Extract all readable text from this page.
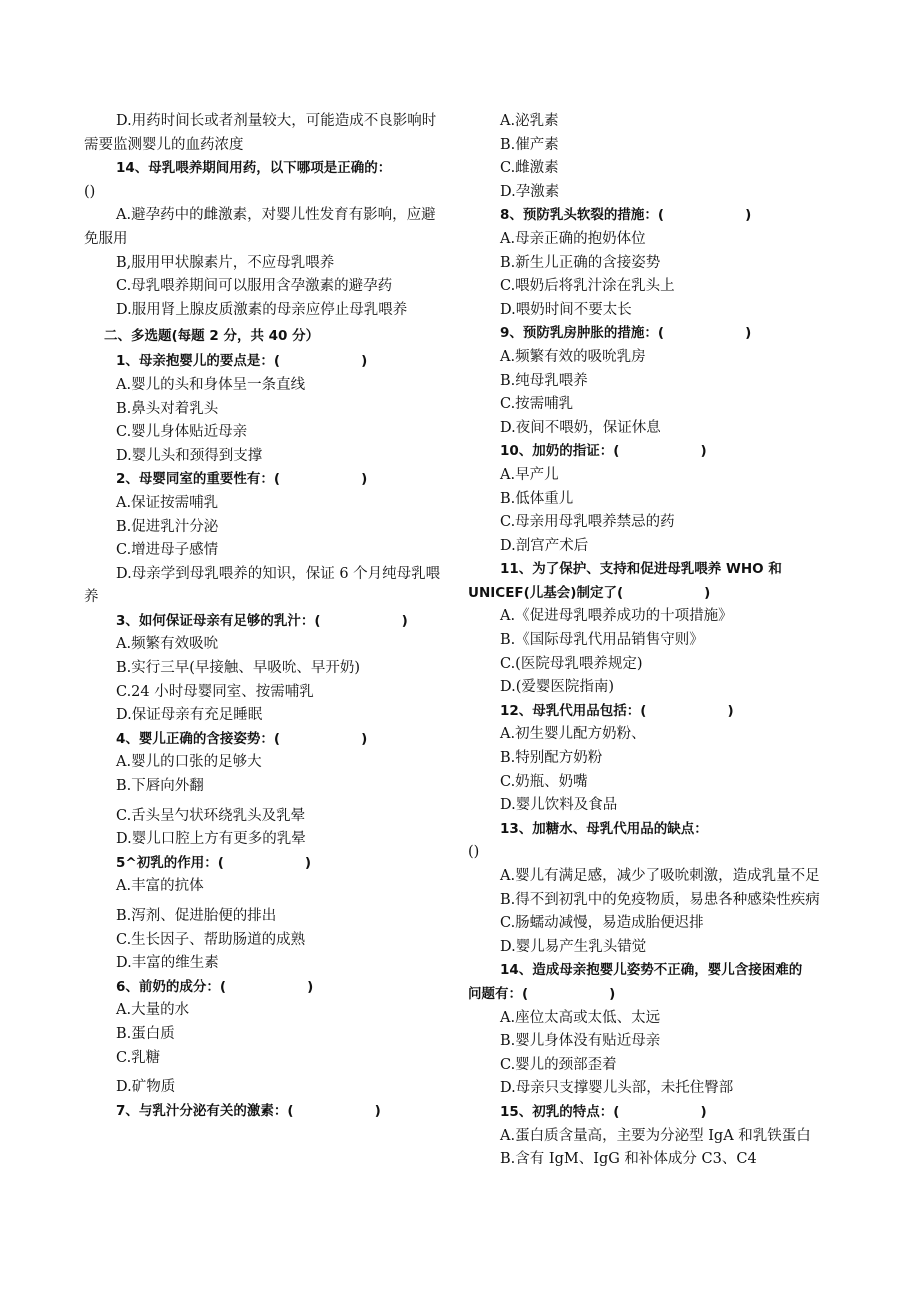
D.用药时间长或者剂量较大，可能造成不良影响时
需要监测婴儿的血药浓度
14、母乳喂养期间用药，以下哪项是正确的：
()
A.避孕药中的雌激素，对婴儿性发育有影响，应避
免服用
B,服用甲状腺素片，不应母乳喂养
C.母乳喂养期间可以服用含孕激素的避孕药
D.服用肾上腺皮质激素的母亲应停止母乳喂养
二、多选题(每题 2 分，共 40 分）
1、母亲抱婴儿的要点是：(　　　　　　)
A.婴儿的头和身体呈一条直线
B.鼻头对着乳头
C.婴儿身体贴近母亲
D.婴儿头和颈得到支撑
2、母婴同室的重要性有：(　　　　　　)
A.保证按需哺乳
B.促进乳汁分泌
C.增进母子感情
D.母亲学到母乳喂养的知识，保证 6 个月纯母乳喂
养
3、如何保证母亲有足够的乳汁：(　　　　　　)
A.频繁有效吸吮
B.实行三早(早接触、早吸吮、早开奶)
C.24 小时母婴同室、按需哺乳
D.保证母亲有充足睡眠
4、婴儿正确的含接姿势：(　　　　　　)
A.婴儿的口张的足够大
B.下唇向外翻
C.舌头呈勺状环绕乳头及乳晕
D.婴儿口腔上方有更多的乳晕
5^初乳的作用：(　　　　　　)
A.丰富的抗体
B.泻剂、促进胎便的排出
C.生长因子、帮助肠道的成熟
D.丰富的维生素
6、前奶的成分：(　　　　　　)
A.大量的水
B.蛋白质
C.乳糖
D.矿物质
7、与乳汁分泌有关的激素：(　　　　　　)
A.泌乳素
B.催产素
C.雌激素
D.孕激素
8、预防乳头软裂的措施：(　　　　　　)
A.母亲正确的抱奶体位
B.新生儿正确的含接姿势
C.喂奶后将乳汁涂在乳头上
D.喂奶时间不要太长
9、预防乳房肿胀的措施：(　　　　　　)
A.频繁有效的吸吮乳房
B.纯母乳喂养
C.按需哺乳
D.夜间不喂奶，保证休息
10、加奶的指证：(　　　　　　)
A.早产儿
B.低体重儿
C.母亲用母乳喂养禁忌的药
D.剖宫产术后
11、为了保护、支持和促进母乳喂养 WHO 和
UNICEF(儿基会)制定了(　　　　　　)
A.《促进母乳喂养成功的十项措施》
B.《国际母乳代用品销售守则》
C.(医院母乳喂养规定)
D.(爱婴医院指南)
12、母乳代用品包括：(　　　　　　)
A.初生婴儿配方奶粉、
B.特别配方奶粉
C.奶瓶、奶嘴
D.婴儿饮料及食品
13、加糖水、母乳代用品的缺点：
()
A.婴儿有满足感，减少了吸吮刺激，造成乳量不足
B.得不到初乳中的免疫物质，易患各种感染性疾病
C.肠蠕动减慢，易造成胎便迟排
D.婴儿易产生乳头错觉
14、造成母亲抱婴儿姿势不正确，婴儿含接困难的
问题有：(　　　　　　)
A.座位太高或太低、太远
B.婴儿身体没有贴近母亲
C.婴儿的颈部歪着
D.母亲只支撑婴儿头部，未托住臀部
15、初乳的特点：(　　　　　　)
A.蛋白质含量高，主要为分泌型 IgA 和乳铁蛋白
B.含有 IgM、IgG 和补体成分 C3、C4
